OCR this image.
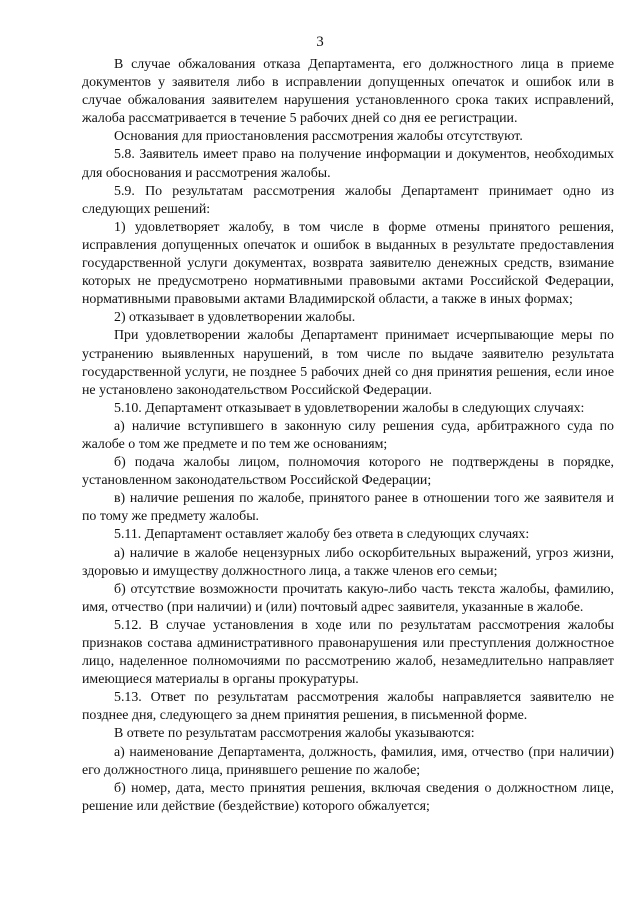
3

В случае обжалования отказа Департамента, его должностного лица в приеме документов у заявителя либо в исправлении допущенных опечаток и ошибок или в случае обжалования заявителем нарушения установленного срока таких исправлений, жалоба рассматривается в течение 5 рабочих дней со дня ее регистрации.

Основания для приостановления рассмотрения жалобы отсутствуют.

5.8. Заявитель имеет право на получение информации и документов, необходимых для обоснования и рассмотрения жалобы.

5.9. По результатам рассмотрения жалобы Департамент принимает одно из следующих решений:

1) удовлетворяет жалобу, в том числе в форме отмены принятого решения, исправления допущенных опечаток и ошибок в выданных в результате предоставления государственной услуги документах, возврата заявителю денежных средств, взимание которых не предусмотрено нормативными правовыми актами Российской Федерации, нормативными правовыми актами Владимирской области, а также в иных формах;

2) отказывает в удовлетворении жалобы.

При удовлетворении жалобы Департамент принимает исчерпывающие меры по устранению выявленных нарушений, в том числе по выдаче заявителю результата государственной услуги, не позднее 5 рабочих дней со дня принятия решения, если иное не установлено законодательством Российской Федерации.

5.10. Департамент отказывает в удовлетворении жалобы в следующих случаях:

а) наличие вступившего в законную силу решения суда, арбитражного суда по жалобе о том же предмете и по тем же основаниям;

б) подача жалобы лицом, полномочия которого не подтверждены в порядке, установленном законодательством Российской Федерации;

в) наличие решения по жалобе, принятого ранее в отношении того же заявителя и по тому же предмету жалобы.

5.11. Департамент оставляет жалобу без ответа в следующих случаях:

а) наличие в жалобе нецензурных либо оскорбительных выражений, угроз жизни, здоровью и имуществу должностного лица, а также членов его семьи;

б) отсутствие возможности прочитать какую-либо часть текста жалобы, фамилию, имя, отчество (при наличии) и (или) почтовый адрес заявителя, указанные в жалобе.

5.12. В случае установления в ходе или по результатам рассмотрения жалобы признаков состава административного правонарушения или преступления должностное лицо, наделенное полномочиями по рассмотрению жалоб, незамедлительно направляет имеющиеся материалы в органы прокуратуры.

5.13. Ответ по результатам рассмотрения жалобы направляется заявителю не позднее дня, следующего за днем принятия решения, в письменной форме.

В ответе по результатам рассмотрения жалобы указываются:

а) наименование Департамента, должность, фамилия, имя, отчество (при наличии) его должностного лица, принявшего решение по жалобе;

б) номер, дата, место принятия решения, включая сведения о должностном лице, решение или действие (бездействие) которого обжалуется;
